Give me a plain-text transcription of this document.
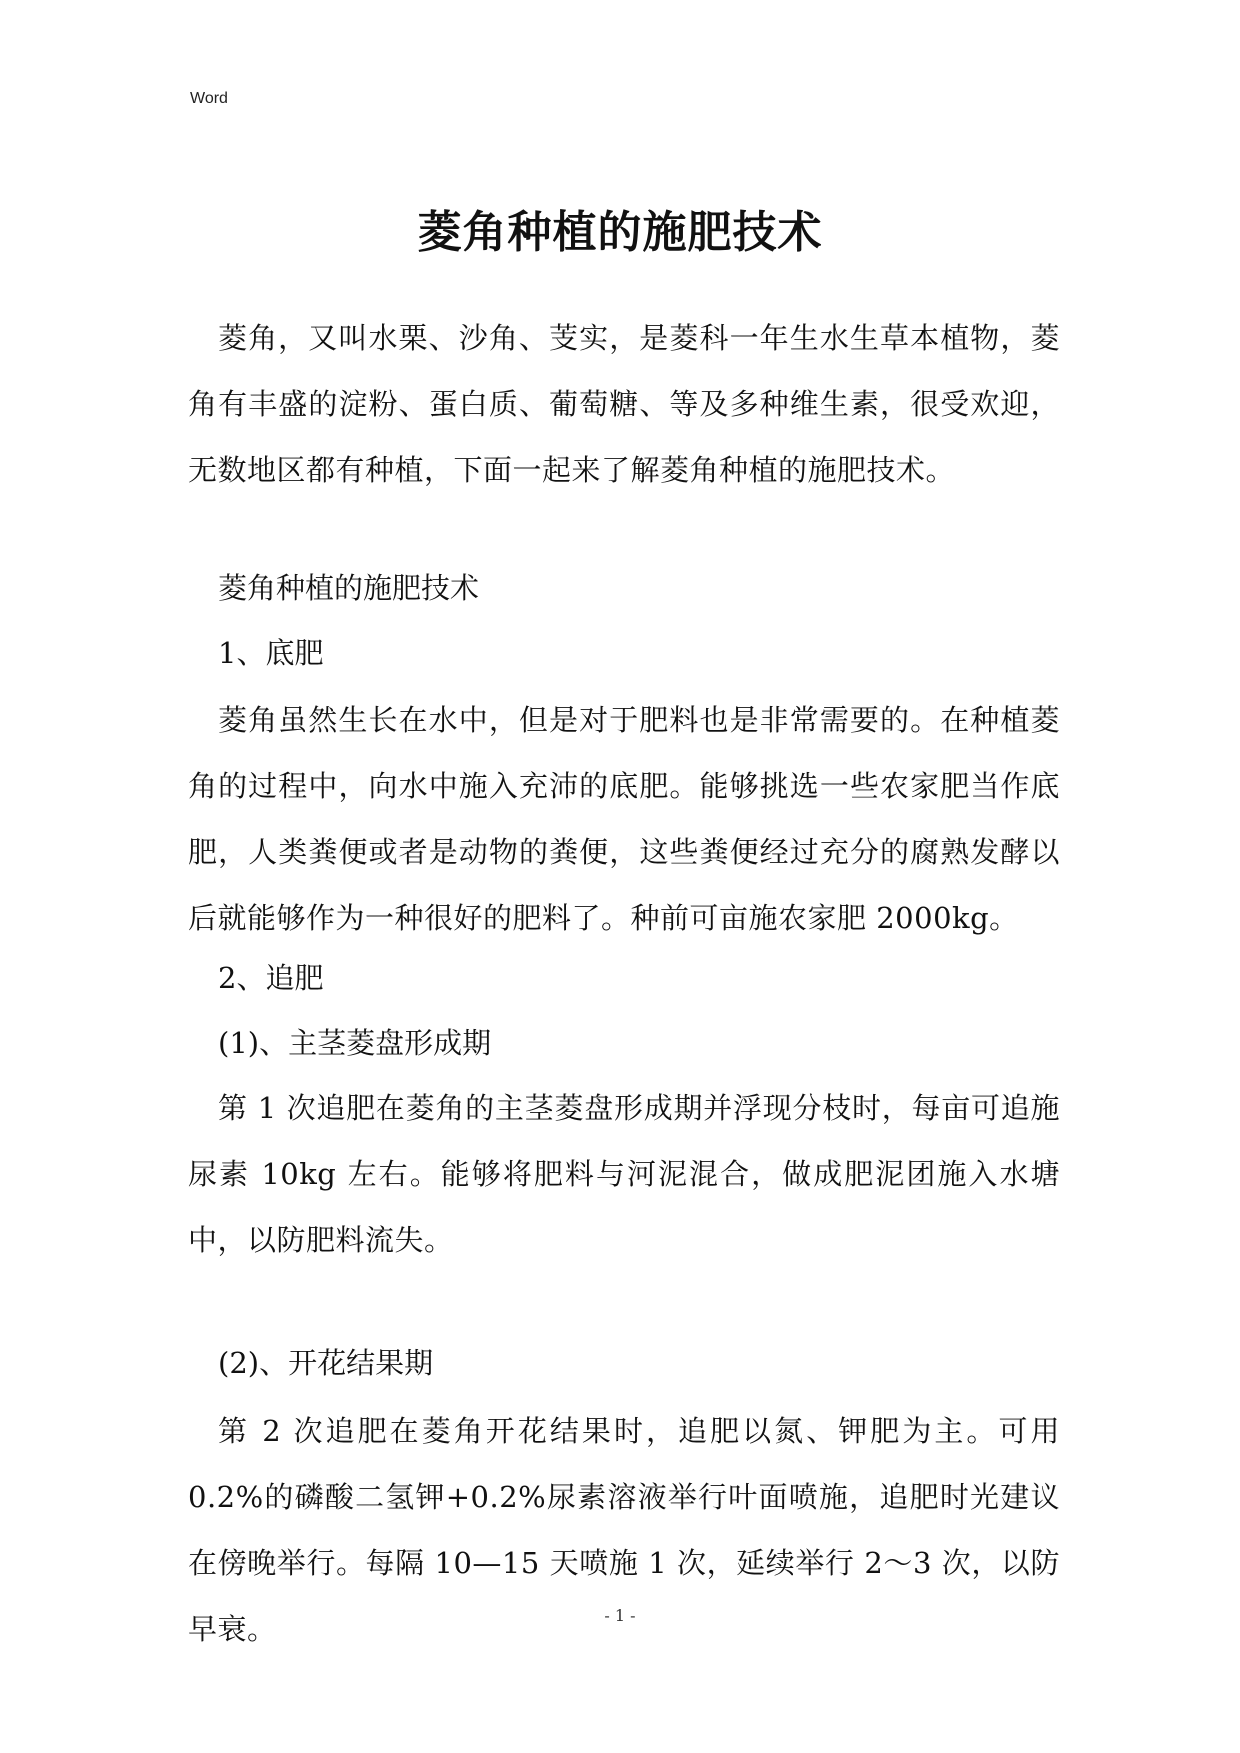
Word
菱角种植的施肥技术

菱角，又叫水栗、沙角、芰实，是菱科一年生水生草本植物，菱角有丰盛的淀粉、蛋白质、葡萄糖、等及多种维生素，很受欢迎，无数地区都有种植，下面一起来了解菱角种植的施肥技术。

菱角种植的施肥技术

1、底肥

菱角虽然生长在水中，但是对于肥料也是非常需要的。在种植菱角的过程中，向水中施入充沛的底肥。能够挑选一些农家肥当作底肥，人类粪便或者是动物的粪便，这些粪便经过充分的腐熟发酵以后就能够作为一种很好的肥料了。种前可亩施农家肥 2000kg。

2、追肥

(1)、主茎菱盘形成期

第 1 次追肥在菱角的主茎菱盘形成期并浮现分枝时，每亩可追施尿素 10kg 左右。能够将肥料与河泥混合，做成肥泥团施入水塘中，以防肥料流失。

(2)、开花结果期

第 2 次追肥在菱角开花结果时，追肥以氮、钾肥为主。可用 0.2%的磷酸二氢钾+0.2%尿素溶液举行叶面喷施，追肥时光建议在傍晚举行。每隔 10—15 天喷施 1 次，延续举行 2～3 次，以防早衰。	- 1 -
